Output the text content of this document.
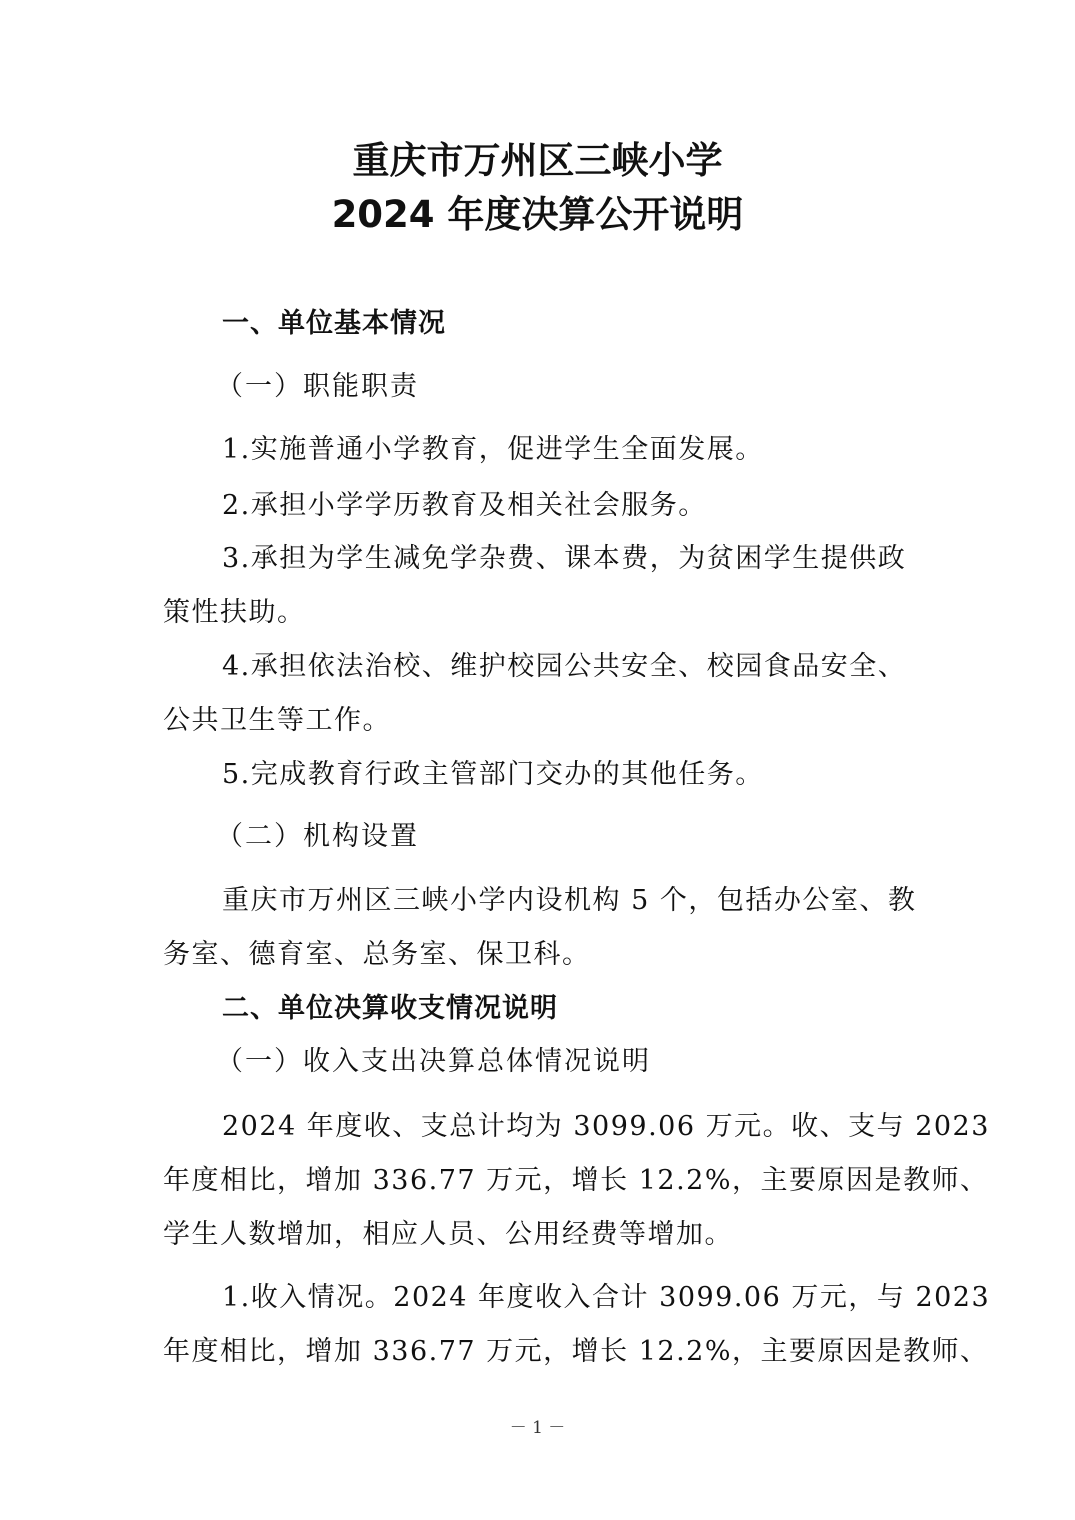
重庆市万州区三峡小学
2024 年度决算公开说明
一、单位基本情况
（一）职能职责
1.实施普通小学教育，促进学生全面发展。
2.承担小学学历教育及相关社会服务。
3.承担为学生减免学杂费、课本费，为贫困学生提供政
策性扶助。
4.承担依法治校、维护校园公共安全、校园食品安全、
公共卫生等工作。
5.完成教育行政主管部门交办的其他任务。
（二）机构设置
重庆市万州区三峡小学内设机构 5 个，包括办公室、教
务室、德育室、总务室、保卫科。
二、单位决算收支情况说明
（一）收入支出决算总体情况说明
2024 年度收、支总计均为 3099.06 万元。收、支与 2023
年度相比，增加 336.77 万元，增长 12.2%，主要原因是教师、
学生人数增加，相应人员、公用经费等增加。
1.收入情况。2024 年度收入合计 3099.06 万元，与 2023
年度相比，增加 336.77 万元，增长 12.2%，主要原因是教师、
－ 1 －
